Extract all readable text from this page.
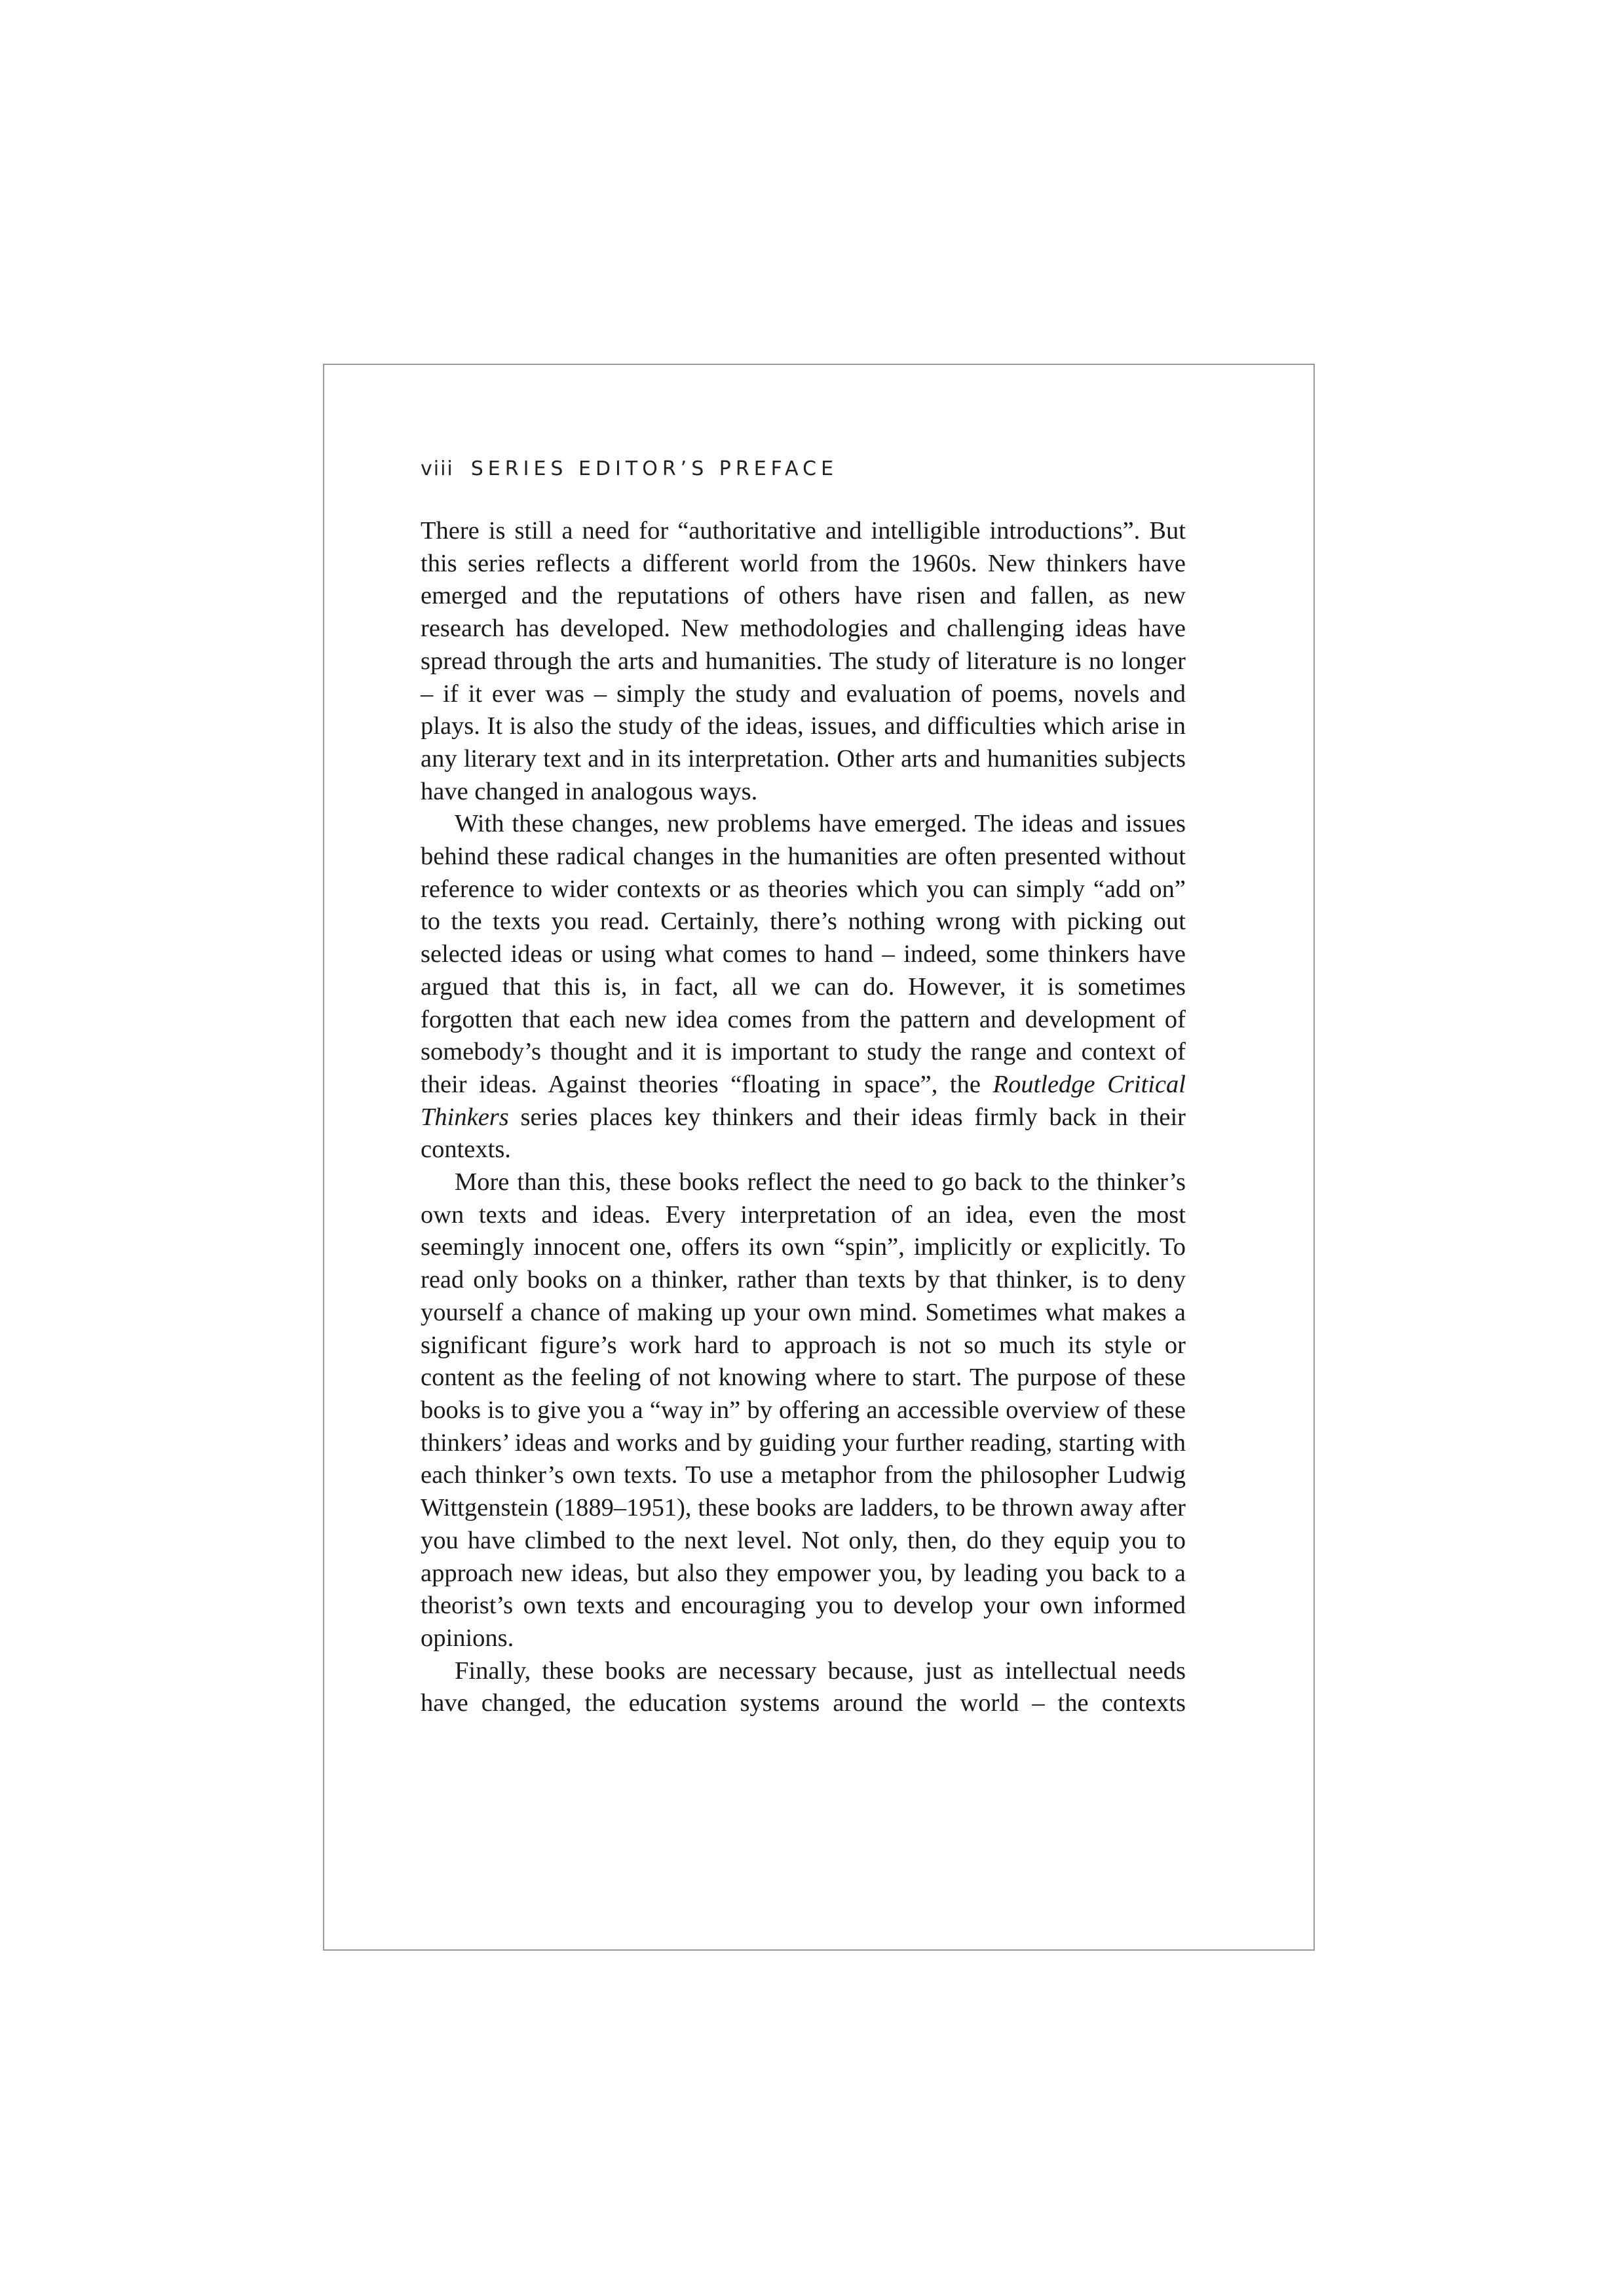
viii SERIES EDITOR’S PREFACE

There is still a need for “authoritative and intelligible introductions”. But this series reflects a different world from the 1960s. New thinkers have emerged and the reputations of others have risen and fallen, as new research has developed. New methodologies and challenging ideas have spread through the arts and humanities. The study of literature is no longer – if it ever was – simply the study and evaluation of poems, novels and plays. It is also the study of the ideas, issues, and difficulties which arise in any literary text and in its interpretation. Other arts and humanities subjects have changed in analogous ways.

With these changes, new problems have emerged. The ideas and issues behind these radical changes in the humanities are often presented without reference to wider contexts or as theories which you can simply “add on” to the texts you read. Certainly, there’s nothing wrong with picking out selected ideas or using what comes to hand – indeed, some thinkers have argued that this is, in fact, all we can do. However, it is sometimes forgotten that each new idea comes from the pattern and development of somebody’s thought and it is important to study the range and context of their ideas. Against theories “floating in space”, the Routledge Critical Thinkers series places key thinkers and their ideas firmly back in their contexts.

More than this, these books reflect the need to go back to the thinker’s own texts and ideas. Every interpretation of an idea, even the most seemingly innocent one, offers its own “spin”, implicitly or explicitly. To read only books on a thinker, rather than texts by that thinker, is to deny yourself a chance of making up your own mind. Sometimes what makes a significant figure’s work hard to approach is not so much its style or content as the feeling of not knowing where to start. The purpose of these books is to give you a “way in” by offering an accessible overview of these thinkers’ ideas and works and by guiding your further reading, starting with each thinker’s own texts. To use a metaphor from the philosopher Ludwig Wittgenstein (1889–1951), these books are ladders, to be thrown away after you have climbed to the next level. Not only, then, do they equip you to approach new ideas, but also they empower you, by leading you back to a theorist’s own texts and encouraging you to develop your own informed opinions.

Finally, these books are necessary because, just as intellectual needs have changed, the education systems around the world – the contexts
